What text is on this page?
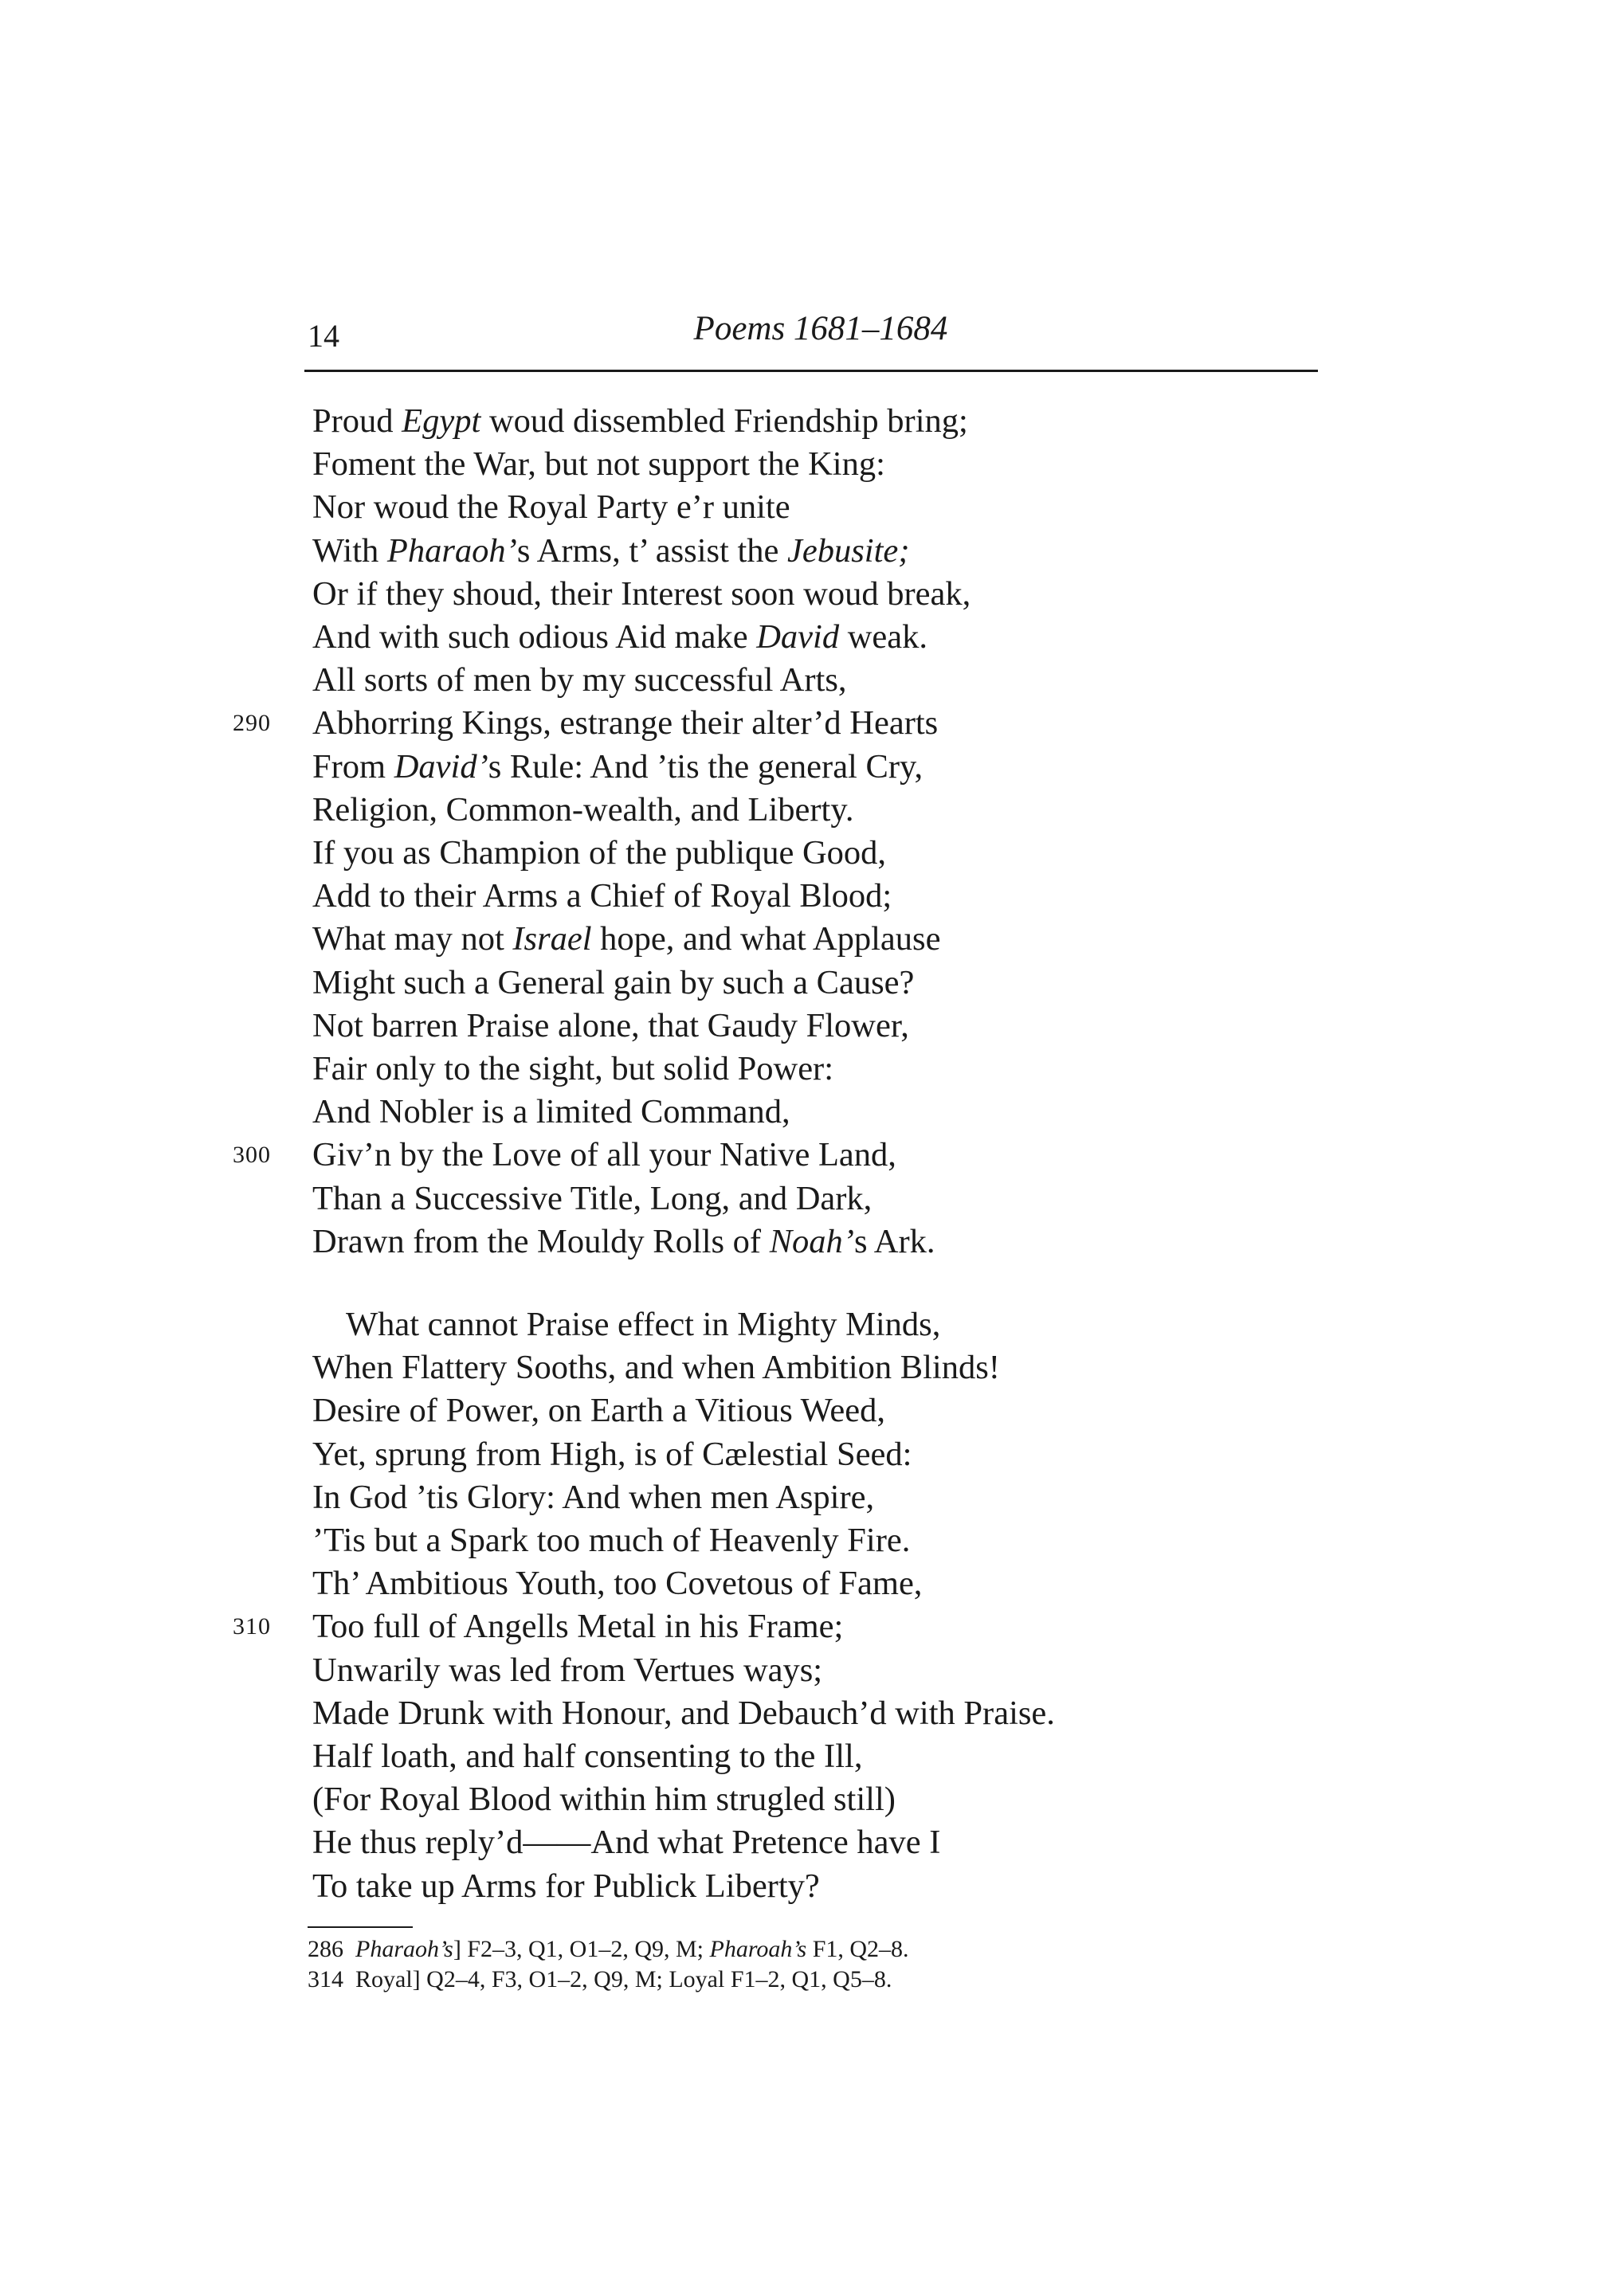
14	Poems 1681–1684
Proud Egypt woud dissembled Friendship bring;
Foment the War, but not support the King:
Nor woud the Royal Party e’r unite
With Pharaoh’s Arms, t’ assist the Jebusite;
Or if they shoud, their Interest soon woud break,
And with such odious Aid make David weak.
All sorts of men by my successful Arts,
Abhorring Kings, estrange their alter’d Hearts
290
From David’s Rule: And ’tis the general Cry,
Religion, Common-wealth, and Liberty.
If you as Champion of the publique Good,
Add to their Arms a Chief of Royal Blood;
What may not Israel hope, and what Applause
Might such a General gain by such a Cause?
Not barren Praise alone, that Gaudy Flower,
Fair only to the sight, but solid Power:
And Nobler is a limited Command,
Giv’n by the Love of all your Native Land,
300
Than a Successive Title, Long, and Dark,
Drawn from the Mouldy Rolls of Noah’s Ark.
What cannot Praise effect in Mighty Minds,
When Flattery Sooths, and when Ambition Blinds!
Desire of Power, on Earth a Vitious Weed,
Yet, sprung from High, is of Cælestial Seed:
In God ’tis Glory: And when men Aspire,
’Tis but a Spark too much of Heavenly Fire.
Th’ Ambitious Youth, too Covetous of Fame,
Too full of Angells Metal in his Frame;
310
Unwarily was led from Vertues ways;
Made Drunk with Honour, and Debauch’d with Praise.
Half loath, and half consenting to the Ill,
(For Royal Blood within him strugled still)
He thus reply’d——And what Pretence have I
To take up Arms for Publick Liberty?
286  Pharaoh’s] F2–3, Q1, O1–2, Q9, M; Pharoah’s F1, Q2–8.
314  Royal] Q2–4, F3, O1–2, Q9, M; Loyal F1–2, Q1, Q5–8.
